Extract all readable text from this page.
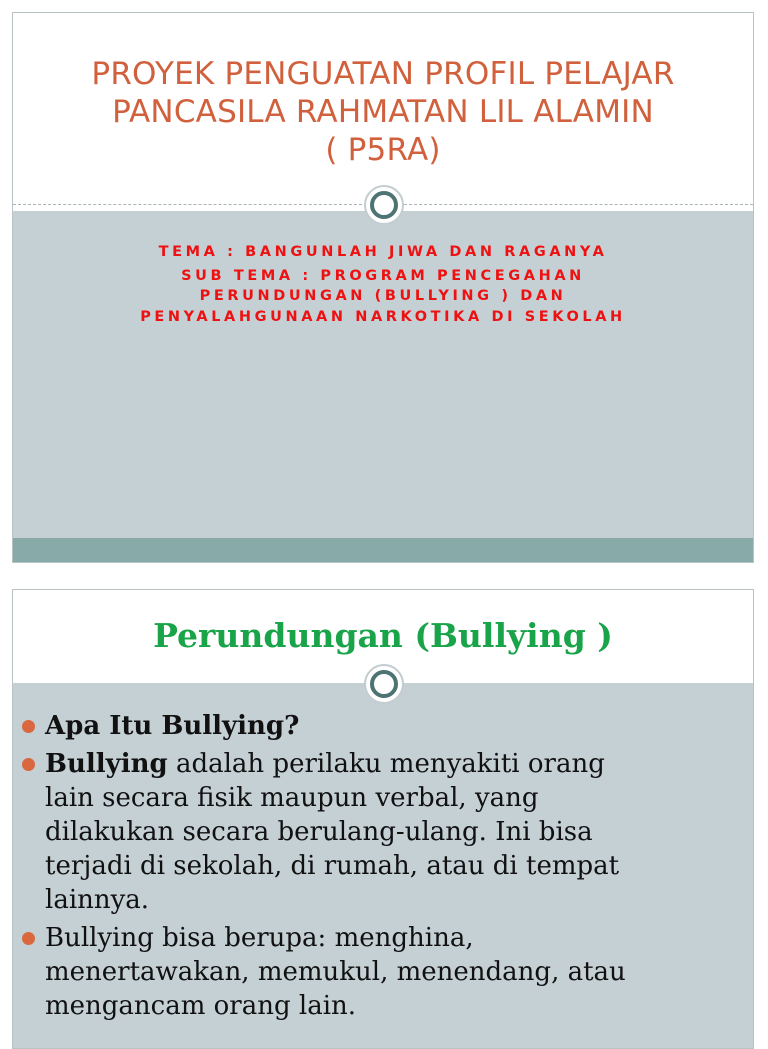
PROYEK PENGUATAN PROFIL PELAJAR
PANCASILA RAHMATAN LIL ALAMIN
( P5RA)
TEMA : BANGUNLAH JIWA DAN RAGANYA
SUB TEMA : PROGRAM PENCEGAHAN
PERUNDUNGAN (BULLYING ) DAN
PENYALAHGUNAAN NARKOTIKA DI SEKOLAH
Perundungan (Bullying )
Apa Itu Bullying?
Bullying adalah perilaku menyakiti orang
lain secara fisik maupun verbal, yang
dilakukan secara berulang-ulang. Ini bisa
terjadi di sekolah, di rumah, atau di tempat
lainnya.
Bullying bisa berupa: menghina,
menertawakan, memukul, menendang, atau
mengancam orang lain.
